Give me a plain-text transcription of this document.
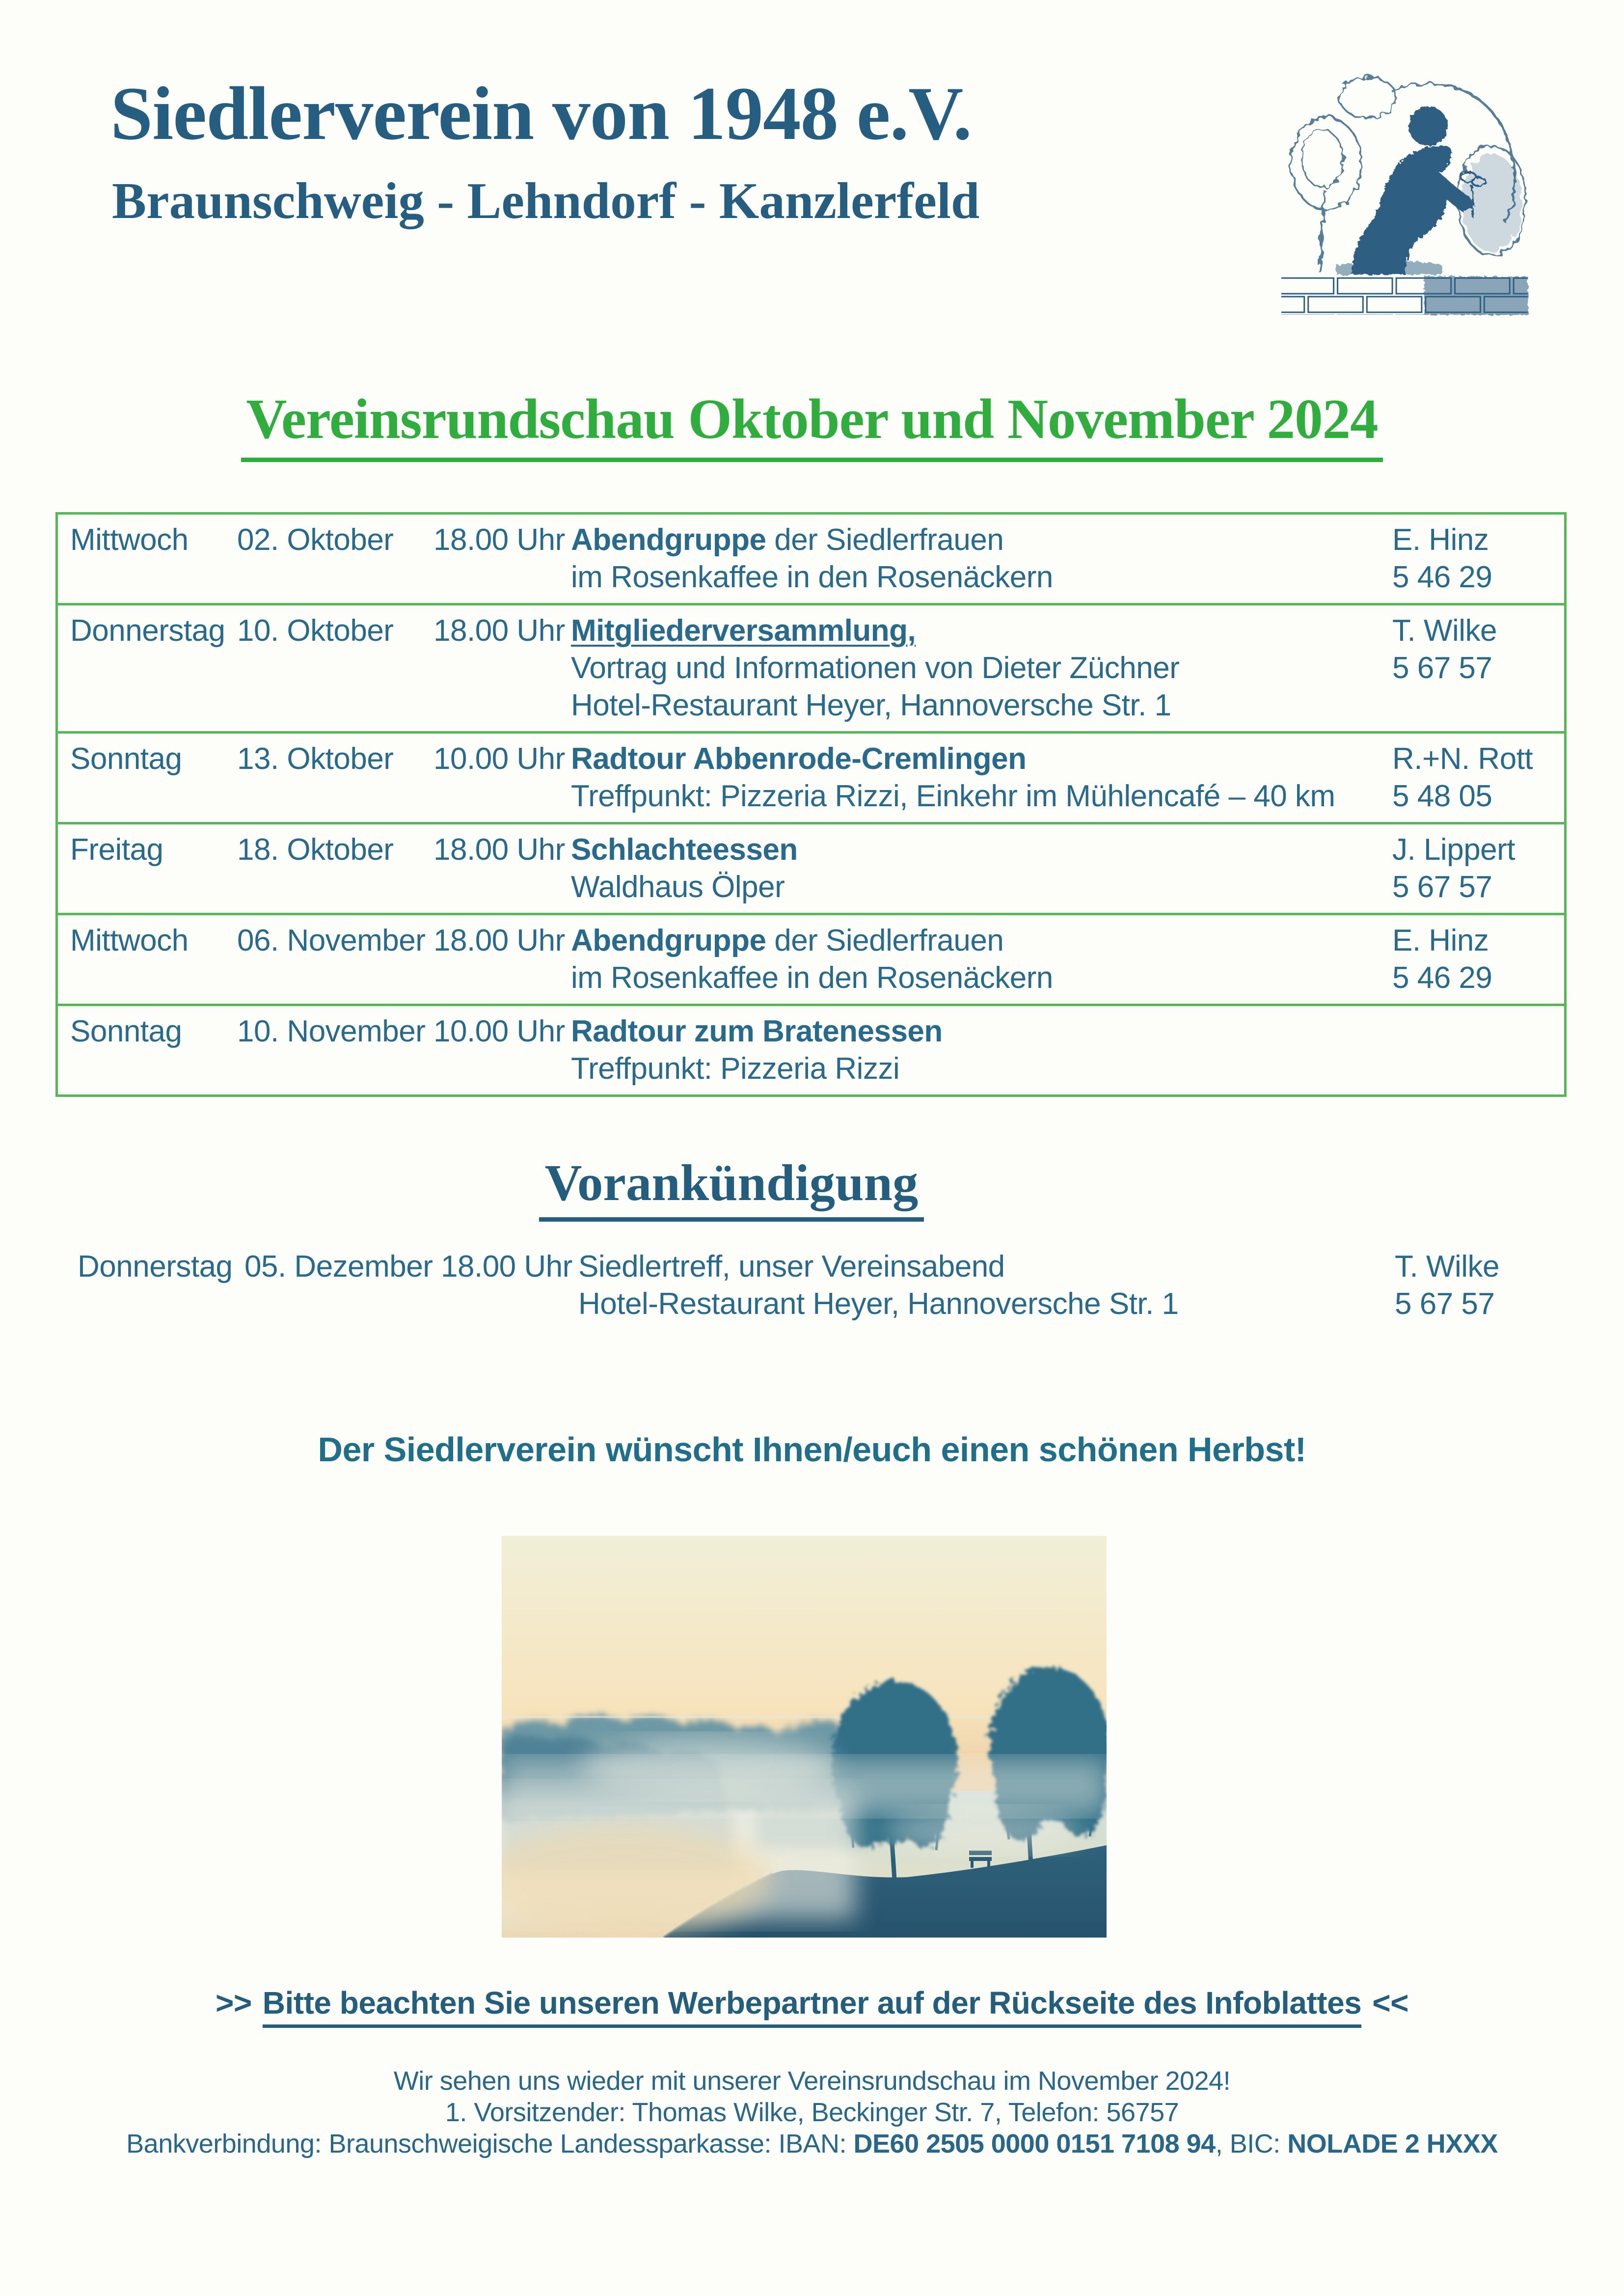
Siedlerverein von 1948 e.V.
Braunschweig - Lehndorf - Kanzlerfeld
Vereinsrundschau Oktober und November 2024
Mittwoch	02. Oktober	18.00 Uhr Abendgruppe der Siedlerfrauen
im Rosenkaffee in den Rosenäckern
E. Hinz
5 46 29
Donnerstag 10. Oktober	18.00 Uhr Mitgliederversammlung,
Vortrag und Informationen von Dieter Züchner
Hotel-Restaurant Heyer, Hannoversche Str. 1
T. Wilke
5 67 57
Sonntag	13. Oktober	10.00 Uhr Radtour Abbenrode-Cremlingen
Treffpunkt: Pizzeria Rizzi, Einkehr im Mühlencafé – 40 km
R.+N. Rott
5 48 05
Freitag	18. Oktober	18.00 Uhr Schlachteessen
Waldhaus Ölper
J. Lippert
5 67 57
Mittwoch	06. November 18.00 Uhr Abendgruppe der Siedlerfrauen
im Rosenkaffee in den Rosenäckern
E. Hinz
5 46 29
Sonntag	10. November 10.00 Uhr Radtour zum Bratenessen
Treffpunkt: Pizzeria Rizzi
Vorankündigung
Donnerstag 05. Dezember 18.00 Uhr Siedlertreff, unser Vereinsabend
Hotel-Restaurant Heyer, Hannoversche Str. 1
T. Wilke
5 67 57
Der Siedlerverein wünscht Ihnen/euch einen schönen Herbst!
>> Bitte beachten Sie unseren Werbepartner auf der Rückseite des Infoblattes <<
Wir sehen uns wieder mit unserer Vereinsrundschau im November 2024!
1. Vorsitzender: Thomas Wilke, Beckinger Str. 7, Telefon: 56757
Bankverbindung: Braunschweigische Landessparkasse: IBAN: DE60 2505 0000 0151 7108 94, BIC: NOLADE 2 HXXX
